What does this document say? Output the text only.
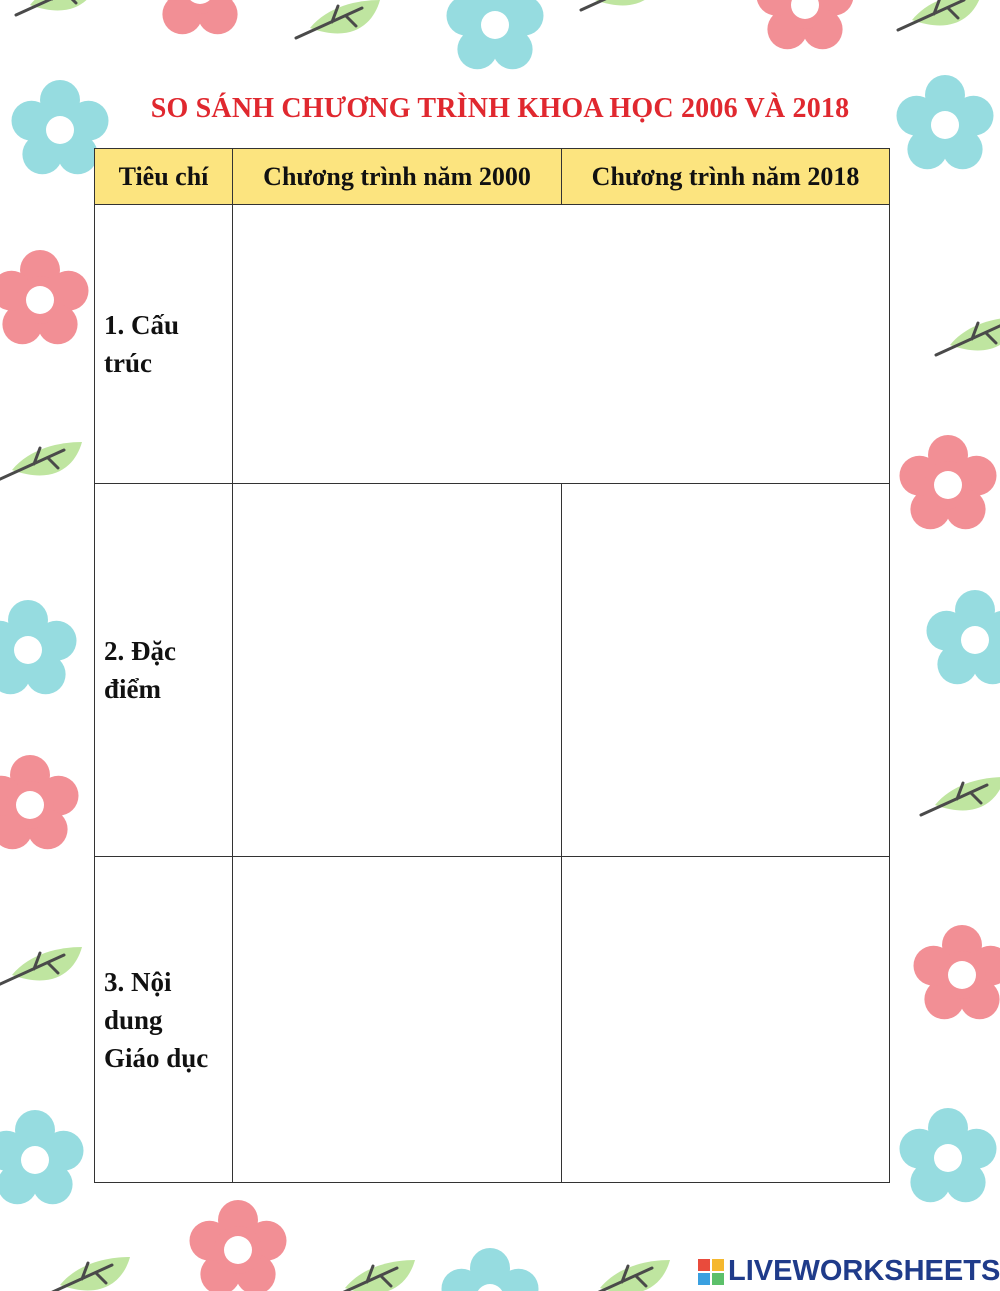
SO SÁNH CHƯƠNG TRÌNH KHOA HỌC 2006 VÀ 2018
Tiêu chí	Chương trình năm 2000	Chương trình năm 2018
1. Cấu trúc
2. Đặc điểm
3. Nội dung Giáo dục
LIVEWORKSHEETS
